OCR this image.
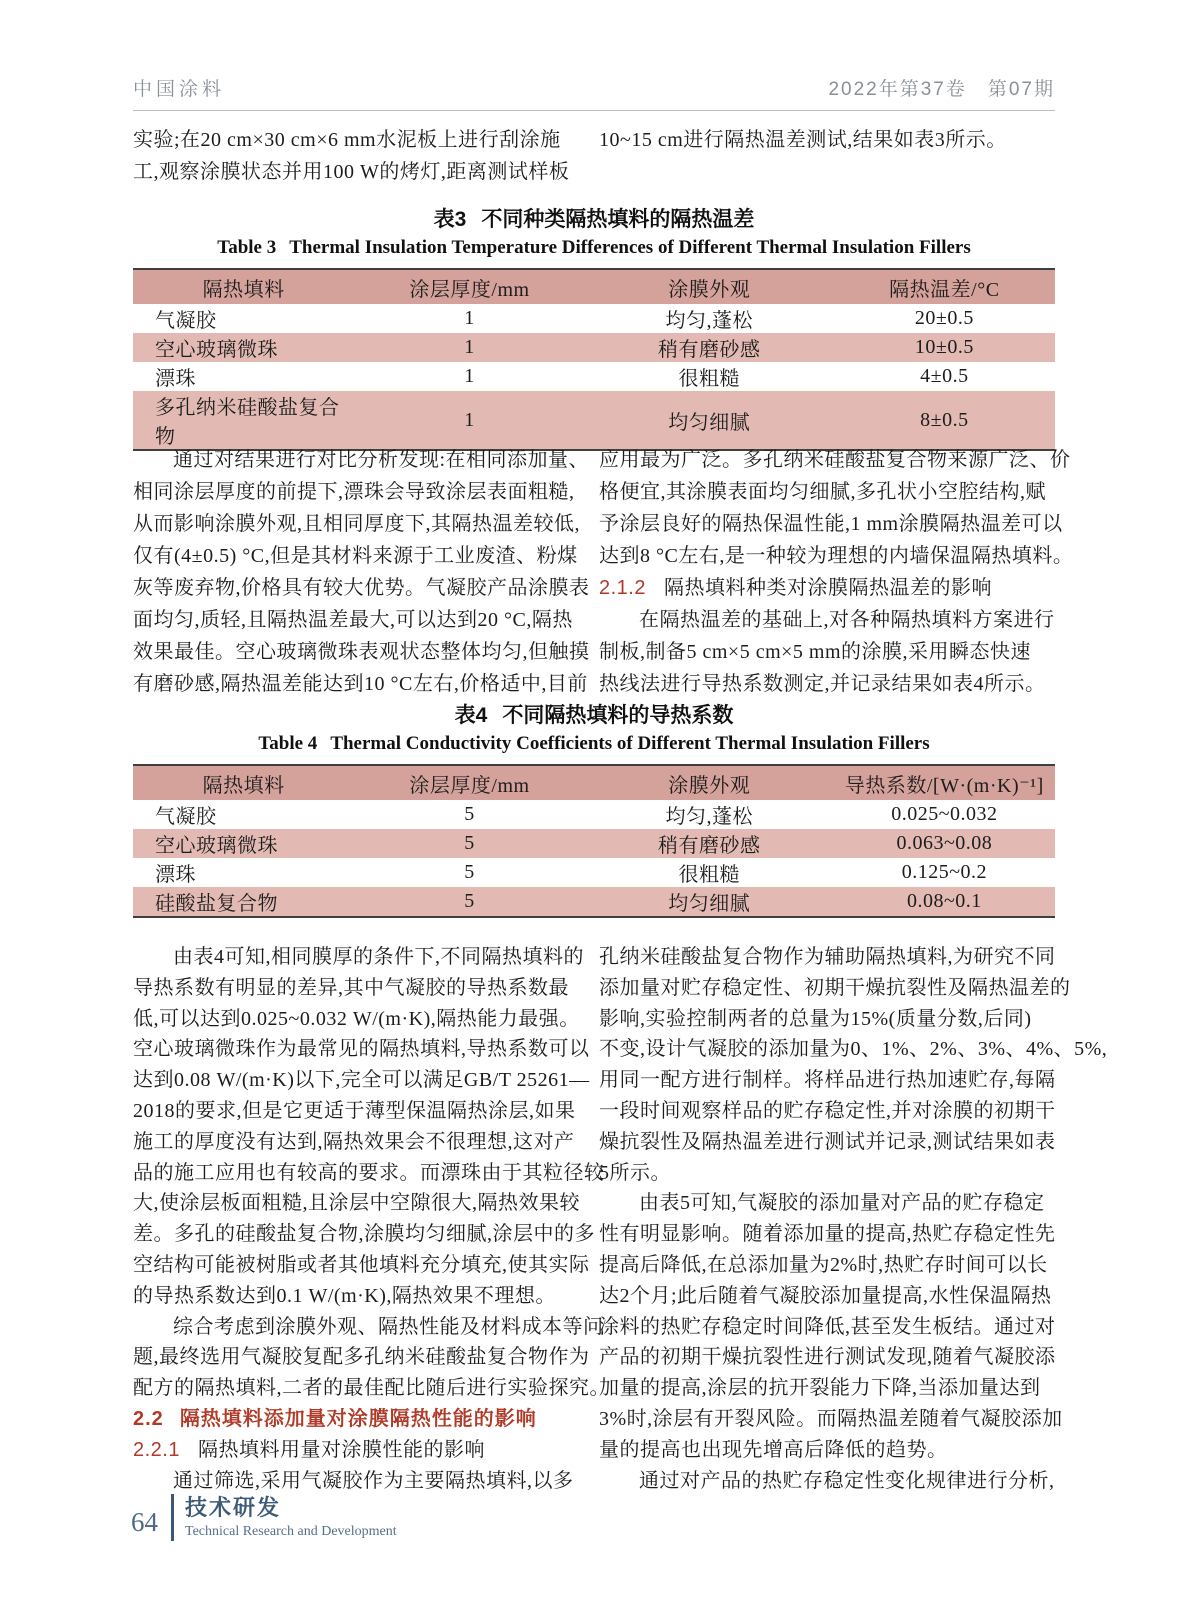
中国涂料	2022年第37卷　第07期
实验;在20 cm×30 cm×6 mm水泥板上进行刮涂施
工,观察涂膜状态并用100 W的烤灯,距离测试样板
10~15 cm进行隔热温差测试,结果如表3所示。
表3 不同种类隔热填料的隔热温差
Table 3 Thermal Insulation Temperature Differences of Different Thermal Insulation Fillers
隔热填料	涂层厚度/mm	涂膜外观	隔热温差/°C
气凝胶	1	均匀,蓬松	20±0.5
空心玻璃微珠	1	稍有磨砂感	10±0.5
漂珠	1	很粗糙	4±0.5
多孔纳米硅酸盐复合物	1	均匀细腻	8±0.5
通过对结果进行对比分析发现:在相同添加量、
相同涂层厚度的前提下,漂珠会导致涂层表面粗糙,
从而影响涂膜外观,且相同厚度下,其隔热温差较低,
仅有(4±0.5) °C,但是其材料来源于工业废渣、粉煤
灰等废弃物,价格具有较大优势。气凝胶产品涂膜表
面均匀,质轻,且隔热温差最大,可以达到20 °C,隔热
效果最佳。空心玻璃微珠表观状态整体均匀,但触摸
有磨砂感,隔热温差能达到10 °C左右,价格适中,目前
应用最为广泛。多孔纳米硅酸盐复合物来源广泛、价
格便宜,其涂膜表面均匀细腻,多孔状小空腔结构,赋
予涂层良好的隔热保温性能,1 mm涂膜隔热温差可以
达到8 °C左右,是一种较为理想的内墙保温隔热填料。
2.1.2 隔热填料种类对涂膜隔热温差的影响
在隔热温差的基础上,对各种隔热填料方案进行
制板,制备5 cm×5 cm×5 mm的涂膜,采用瞬态快速
热线法进行导热系数测定,并记录结果如表4所示。
表4 不同隔热填料的导热系数
Table 4 Thermal Conductivity Coefficients of Different Thermal Insulation Fillers
隔热填料	涂层厚度/mm	涂膜外观	导热系数/[W·(m·K)⁻¹]
气凝胶	5	均匀,蓬松	0.025~0.032
空心玻璃微珠	5	稍有磨砂感	0.063~0.08
漂珠	5	很粗糙	0.125~0.2
硅酸盐复合物	5	均匀细腻	0.08~0.1
由表4可知,相同膜厚的条件下,不同隔热填料的
导热系数有明显的差异,其中气凝胶的导热系数最
低,可以达到0.025~0.032 W/(m·K),隔热能力最强。
空心玻璃微珠作为最常见的隔热填料,导热系数可以
达到0.08 W/(m·K)以下,完全可以满足GB/T 25261—
2018的要求,但是它更适于薄型保温隔热涂层,如果
施工的厚度没有达到,隔热效果会不很理想,这对产
品的施工应用也有较高的要求。而漂珠由于其粒径较
大,使涂层板面粗糙,且涂层中空隙很大,隔热效果较
差。多孔的硅酸盐复合物,涂膜均匀细腻,涂层中的多
空结构可能被树脂或者其他填料充分填充,使其实际
的导热系数达到0.1 W/(m·K),隔热效果不理想。
综合考虑到涂膜外观、隔热性能及材料成本等问
题,最终选用气凝胶复配多孔纳米硅酸盐复合物作为
配方的隔热填料,二者的最佳配比随后进行实验探究。
2.2 隔热填料添加量对涂膜隔热性能的影响
2.2.1 隔热填料用量对涂膜性能的影响
通过筛选,采用气凝胶作为主要隔热填料,以多
孔纳米硅酸盐复合物作为辅助隔热填料,为研究不同
添加量对贮存稳定性、初期干燥抗裂性及隔热温差的
影响,实验控制两者的总量为15%(质量分数,后同)
不变,设计气凝胶的添加量为0、1%、2%、3%、4%、5%,
用同一配方进行制样。将样品进行热加速贮存,每隔
一段时间观察样品的贮存稳定性,并对涂膜的初期干
燥抗裂性及隔热温差进行测试并记录,测试结果如表
5所示。
由表5可知,气凝胶的添加量对产品的贮存稳定
性有明显影响。随着添加量的提高,热贮存稳定性先
提高后降低,在总添加量为2%时,热贮存时间可以长
达2个月;此后随着气凝胶添加量提高,水性保温隔热
涂料的热贮存稳定时间降低,甚至发生板结。通过对
产品的初期干燥抗裂性进行测试发现,随着气凝胶添
加量的提高,涂层的抗开裂能力下降,当添加量达到
3%时,涂层有开裂风险。而隔热温差随着气凝胶添加
量的提高也出现先增高后降低的趋势。
通过对产品的热贮存稳定性变化规律进行分析,
64 技术研发
Technical Research and Development
